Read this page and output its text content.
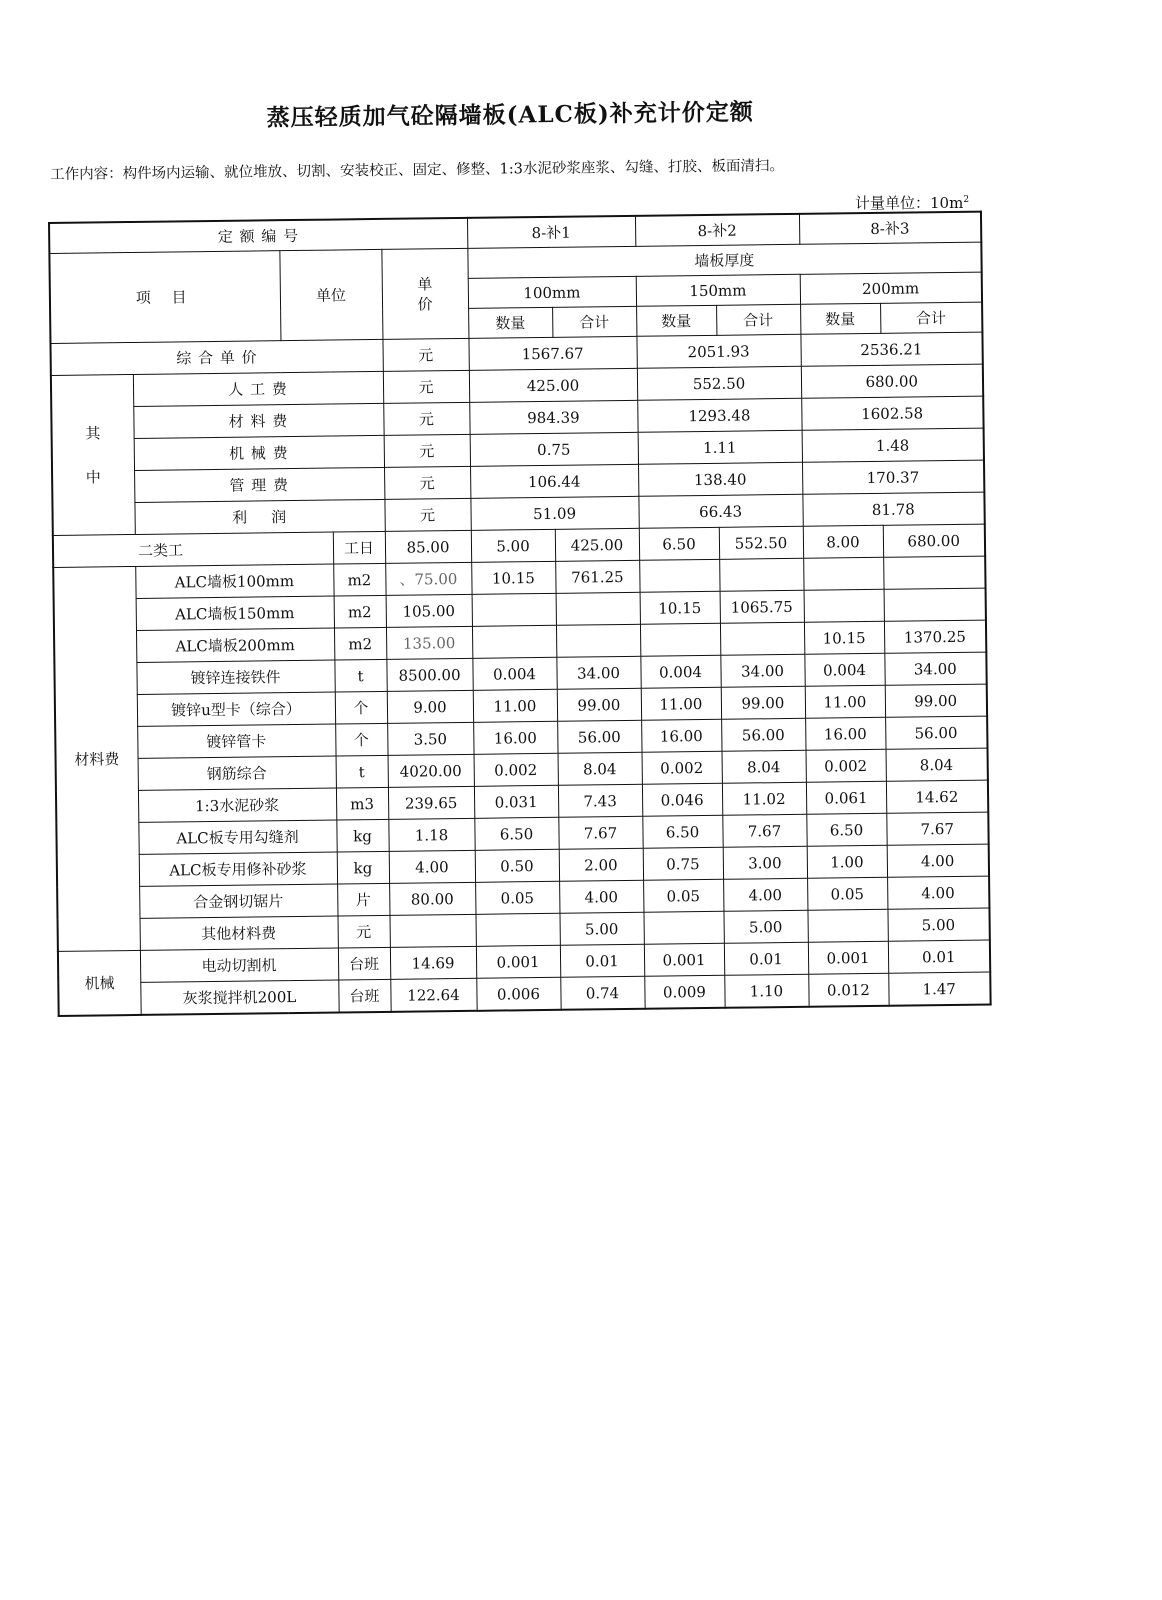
蒸压轻质加气砼隔墙板(ALC板)补充计价定额
工作内容：构件场内运输、就位堆放、切割、安装校正、固定、修整、1:3水泥砂浆座浆、勾缝、打胶、板面清扫。
计量单位：$10m^2$
定 额 编 号					8-补1		8-补2		8-补3	
项 目		单位		单价	墙板厚度					
					100mm		150mm		200mm	
					数量	合计	数量	合计	数量	合计
综 合 单 价				元	1567.67		2051.93		2536.21	

其
中	人 工 费			元	425.00		552.50		680.00	
	材 料 费			元	984.39		1293.48		1602.58	
	机 械 费			元	0.75		1.11		1.48	
	管 理 费			元	106.44		138.40		170.37	
	利    润			元	51.09		66.43		81.78	
二类工			工日	85.00	5.00	425.00	6.50	552.50	8.00	680.00
材料费	ALC墙板100mm		m2	、75.00	10.15	761.25				
	ALC墙板150mm		m2	105.00			10.15	1065.75		
	ALC墙板200mm		m2	135.00					10.15	1370.25
	镀锌连接铁件		t	8500.00	0.004	34.00	0.004	34.00	0.004	34.00
	镀锌u型卡（综合）		个	9.00	11.00	99.00	11.00	99.00	11.00	99.00
	镀锌管卡		个	3.50	16.00	56.00	16.00	56.00	16.00	56.00
	钢筋综合		t	4020.00	0.002	8.04	0.002	8.04	0.002	8.04
	1:3水泥砂浆		m3	239.65	0.031	7.43	0.046	11.02	0.061	14.62
	ALC板专用勾缝剂		kg	1.18	6.50	7.67	6.50	7.67	6.50	7.67
	ALC板专用修补砂浆		kg	4.00	0.50	2.00	0.75	3.00	1.00	4.00
	合金钢切锯片		片	80.00	0.05	4.00	0.05	4.00	0.05	4.00
	其他材料费		元			5.00		5.00		5.00
机械	电动切割机		台班	14.69	0.001	0.01	0.001	0.01	0.001	0.01
	灰浆搅拌机200L		台班	122.64	0.006	0.74	0.009	1.10	0.012	1.47
